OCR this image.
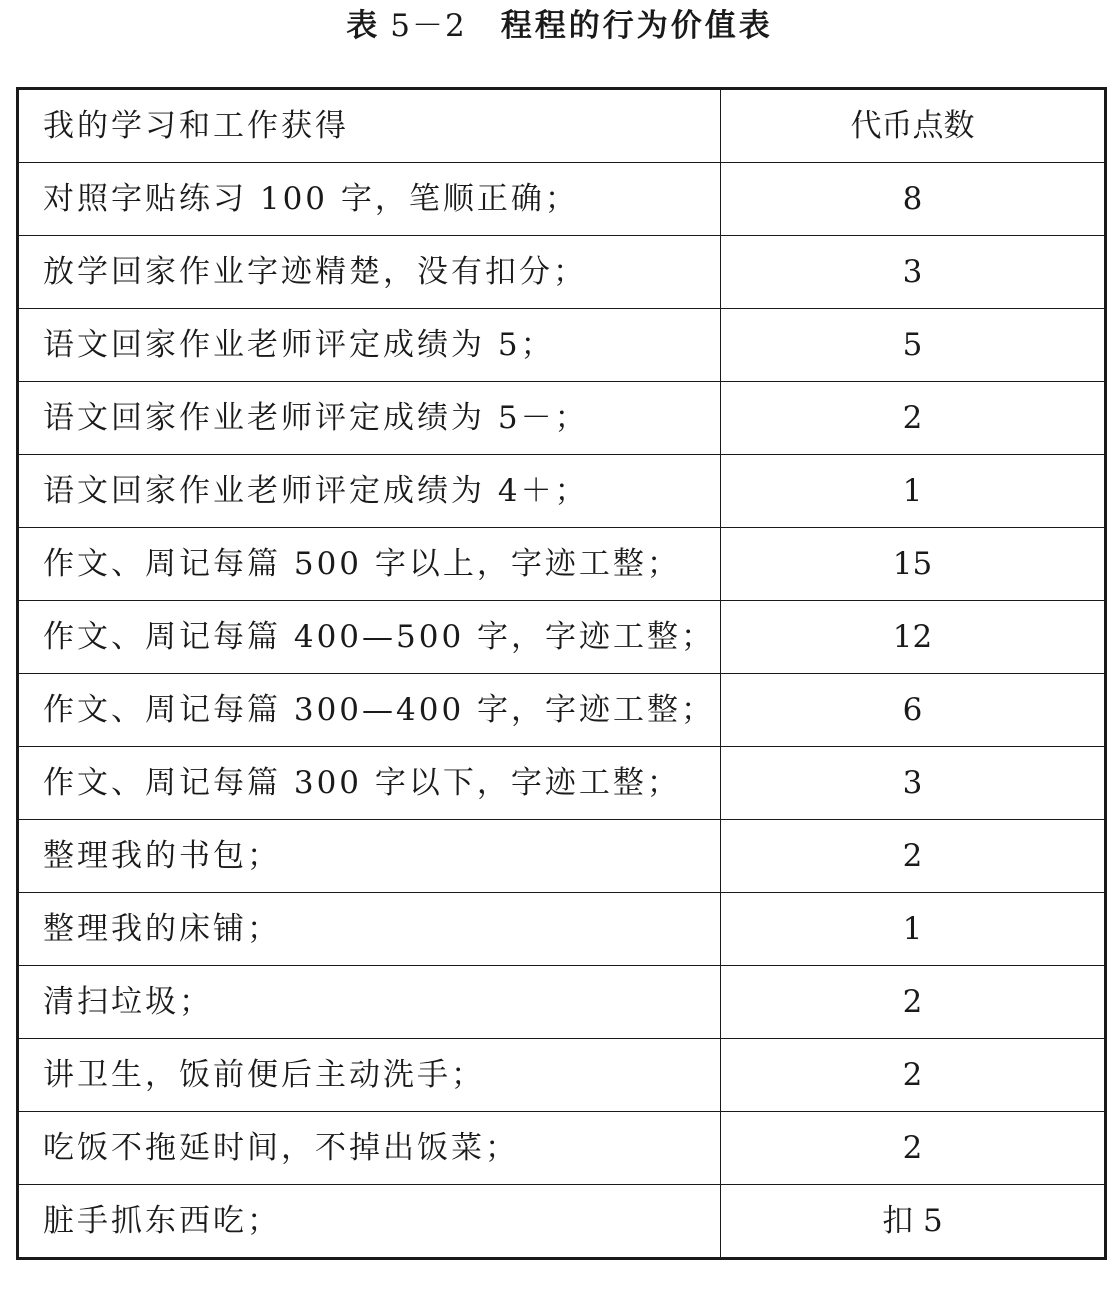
表 5－2 程程的行为价值表
我的学习和工作获得	代币点数
对照字贴练习 100 字，笔顺正确；	8
放学回家作业字迹精楚，没有扣分；	3
语文回家作业老师评定成绩为 5；	5
语文回家作业老师评定成绩为 5－；	2
语文回家作业老师评定成绩为 4＋；	1
作文、周记每篇 500 字以上，字迹工整；	15
作文、周记每篇 400—500 字，字迹工整；	12
作文、周记每篇 300—400 字，字迹工整；	6
作文、周记每篇 300 字以下，字迹工整；	3
整理我的书包；	2
整理我的床铺；	1
清扫垃圾；	2
讲卫生，饭前便后主动洗手；	2
吃饭不拖延时间，不掉出饭菜；	2
脏手抓东西吃；	扣 5
